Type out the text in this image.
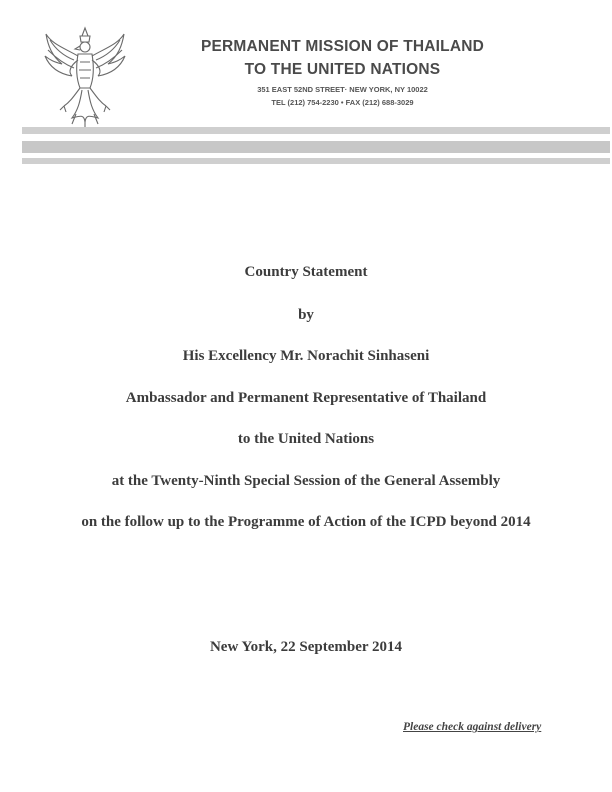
PERMANENT MISSION OF THAILAND
TO THE UNITED NATIONS
351 EAST 52ND STREET· NEW YORK, NY 10022
TEL (212) 754-2230 • FAX (212) 688-3029
Country Statement
by
His Excellency Mr. Norachit Sinhaseni
Ambassador and Permanent Representative of Thailand
to the United Nations
at the Twenty-Ninth Special Session of the General Assembly
on the follow up to the Programme of Action of the ICPD beyond 2014
New York, 22 September 2014
Please check against delivery
